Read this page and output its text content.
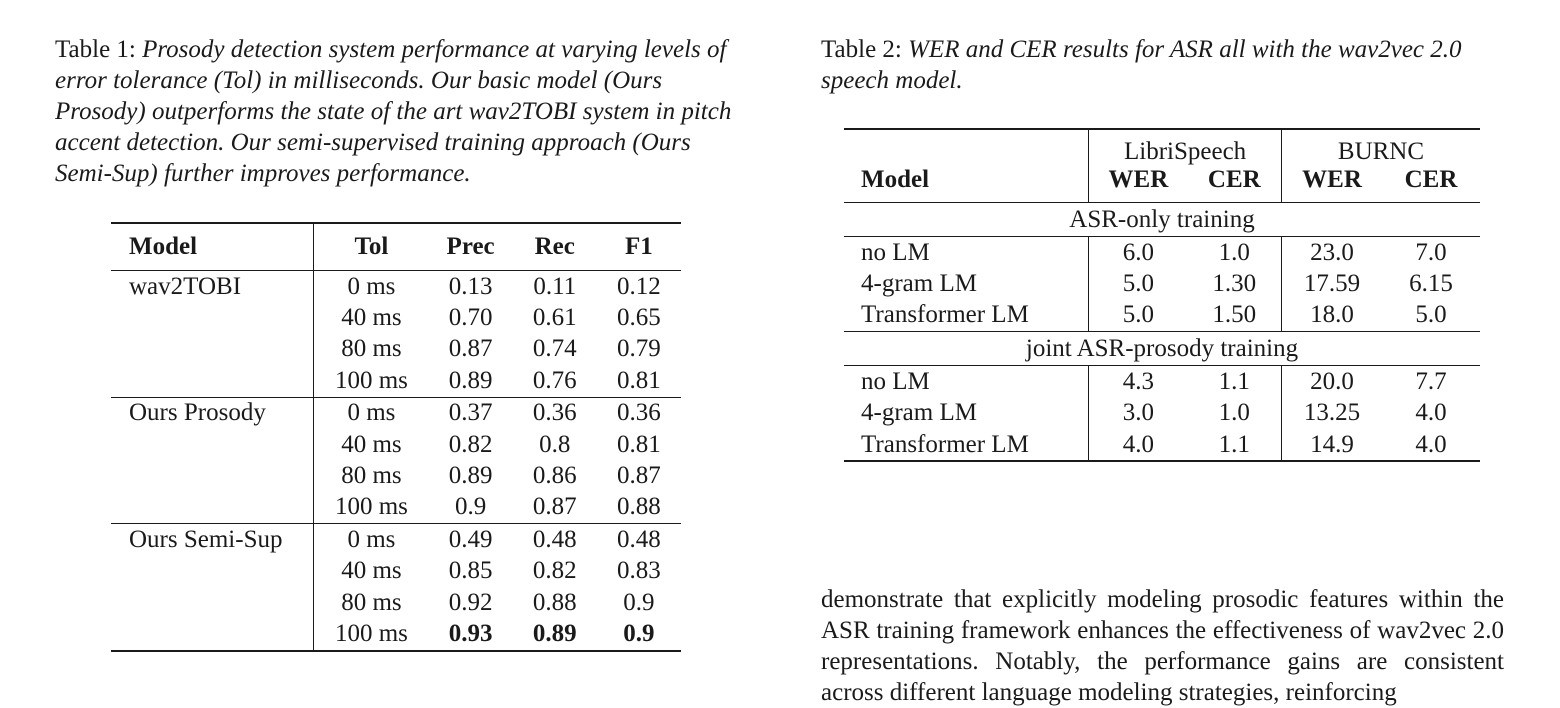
Table 1: Prosody detection system performance at varying levels of error tolerance (Tol) in milliseconds. Our basic model (Ours Prosody) outperforms the state of the art wav2TOBI system in pitch accent detection. Our semi-supervised training approach (Ours Semi-Sup) further improves performance.

Model	Tol	Prec	Rec	F1
wav2TOBI	0 ms	0.13	0.11	0.12
	40 ms	0.70	0.61	0.65
	80 ms	0.87	0.74	0.79
	100 ms	0.89	0.76	0.81
Ours Prosody	0 ms	0.37	0.36	0.36
	40 ms	0.82	0.8	0.81
	80 ms	0.89	0.86	0.87
	100 ms	0.9	0.87	0.88
Ours Semi-Sup	0 ms	0.49	0.48	0.48
	40 ms	0.85	0.82	0.83
	80 ms	0.92	0.88	0.9
	100 ms	0.93	0.89	0.9

Table 2: WER and CER results for ASR all with the wav2vec 2.0 speech model.

	LibriSpeech		BURNC	
Model	WER	CER	WER	CER
ASR-only training				
no LM	6.0	1.0	23.0	7.0
4-gram LM	5.0	1.30	17.59	6.15
Transformer LM	5.0	1.50	18.0	5.0
joint ASR-prosody training				
no LM	4.3	1.1	20.0	7.7
4-gram LM	3.0	1.0	13.25	4.0
Transformer LM	4.0	1.1	14.9	4.0

demonstrate that explicitly modeling prosodic features within the ASR training framework enhances the effectiveness of wav2vec 2.0 representations. Notably, the performance gains are consistent across different language modeling strategies, reinforcing
